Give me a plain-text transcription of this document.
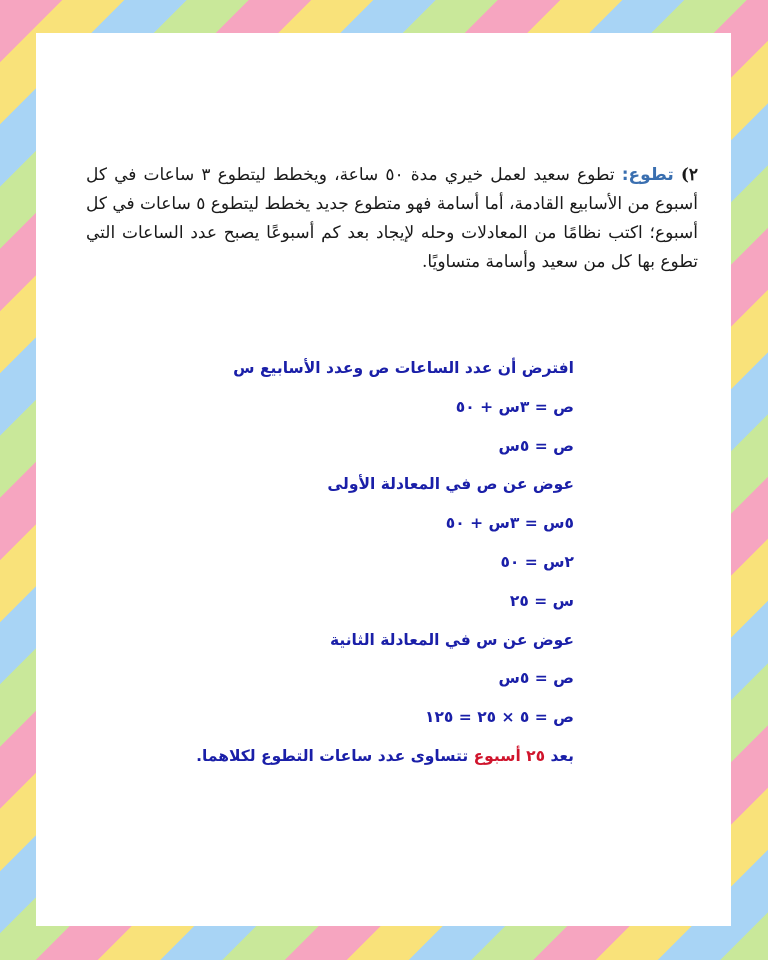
٢) تطوع: تطوع سعيد لعمل خيري مدة ٥٠ ساعة، ويخطط ليتطوع ٣ ساعات في كل أسبوع من الأسابيع القادمة، أما أسامة فهو متطوع جديد يخطط ليتطوع ٥ ساعات في كل أسبوع؛ اكتب نظامًا من المعادلات وحله لإيجاد بعد كم أسبوعًا يصبح عدد الساعات التي تطوع بها كل من سعيد وأسامة متساويًا.
افترض أن عدد الساعات ص وعدد الأسابيع س
ص = ٣س + ٥٠
ص = ٥س
عوض عن ص في المعادلة الأولى
٥س = ٣س + ٥٠
٢س = ٥٠
س = ٢٥
عوض عن س في المعادلة الثانية
ص = ٥س
ص = ٥ × ٢٥ = ١٢٥
بعد ٢٥ أسبوع تتساوى عدد ساعات التطوع لكلاهما.
